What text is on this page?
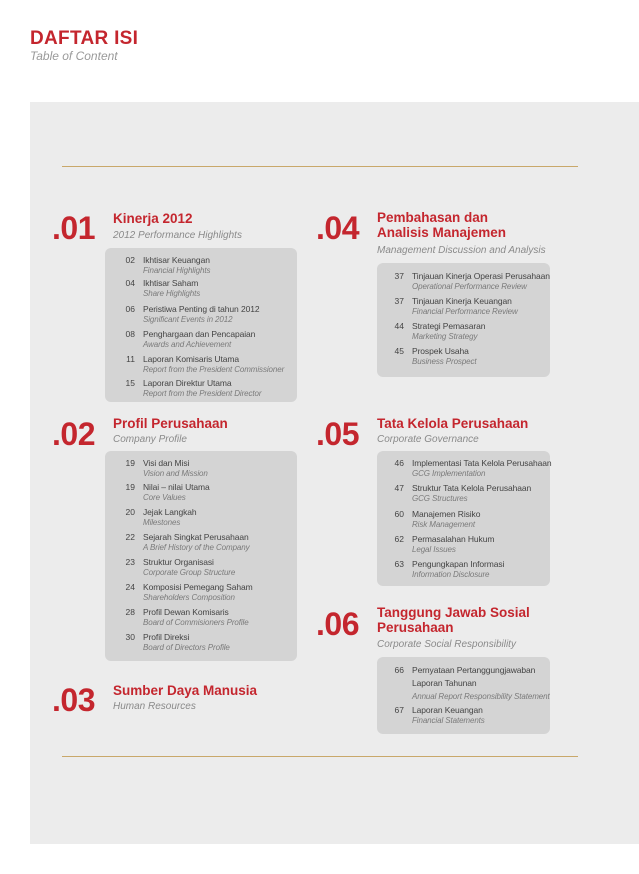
DAFTAR ISI
Table of Content
.01 Kinerja 2012
2012 Performance Highlights
02 Ikhtisar Keuangan
Financial Highlights
04 Ikhtisar Saham
Share Highlights
06 Peristiwa Penting di tahun 2012
Significant Events in 2012
08 Penghargaan dan Pencapaian
Awards and Achievement
11 Laporan Komisaris Utama
Report from the President Commissioner
15 Laporan Direktur Utama
Report from the President Director
.02 Profil Perusahaan
Company Profile
19 Visi dan Misi
Vision and Mission
19 Nilai – nilai Utama
Core Values
20 Jejak Langkah
Milestones
22 Sejarah Singkat Perusahaan
A Brief History of the Company
23 Struktur Organisasi
Corporate Group Structure
24 Komposisi Pemegang Saham
Shareholders Composition
28 Profil Dewan Komisaris
Board of Commisioners Profile
30 Profil Direksi
Board of Directors Profile
.03 Sumber Daya Manusia
Human Resources
.04 Pembahasan dan
Analisis Manajemen
Management Discussion and Analysis
37 Tinjauan Kinerja Operasi Perusahaan
Operational Performance Review
37 Tinjauan Kinerja Keuangan
Financial Performance Review
44 Strategi Pemasaran
Marketing Strategy
45 Prospek Usaha
Business Prospect
.05 Tata Kelola Perusahaan
Corporate Governance
46 Implementasi Tata Kelola Perusahaan
GCG Implementation
47 Struktur Tata Kelola Perusahaan
GCG Structures
60 Manajemen Risiko
Risk Management
62 Permasalahan Hukum
Legal Issues
63 Pengungkapan Informasi
Information Disclosure
.06 Tanggung Jawab Sosial
Perusahaan
Corporate Social Responsibility
66 Pernyataan Pertanggungjawaban
Laporan Tahunan
Annual Report Responsibility Statement
67 Laporan Keuangan
Financial Statements
